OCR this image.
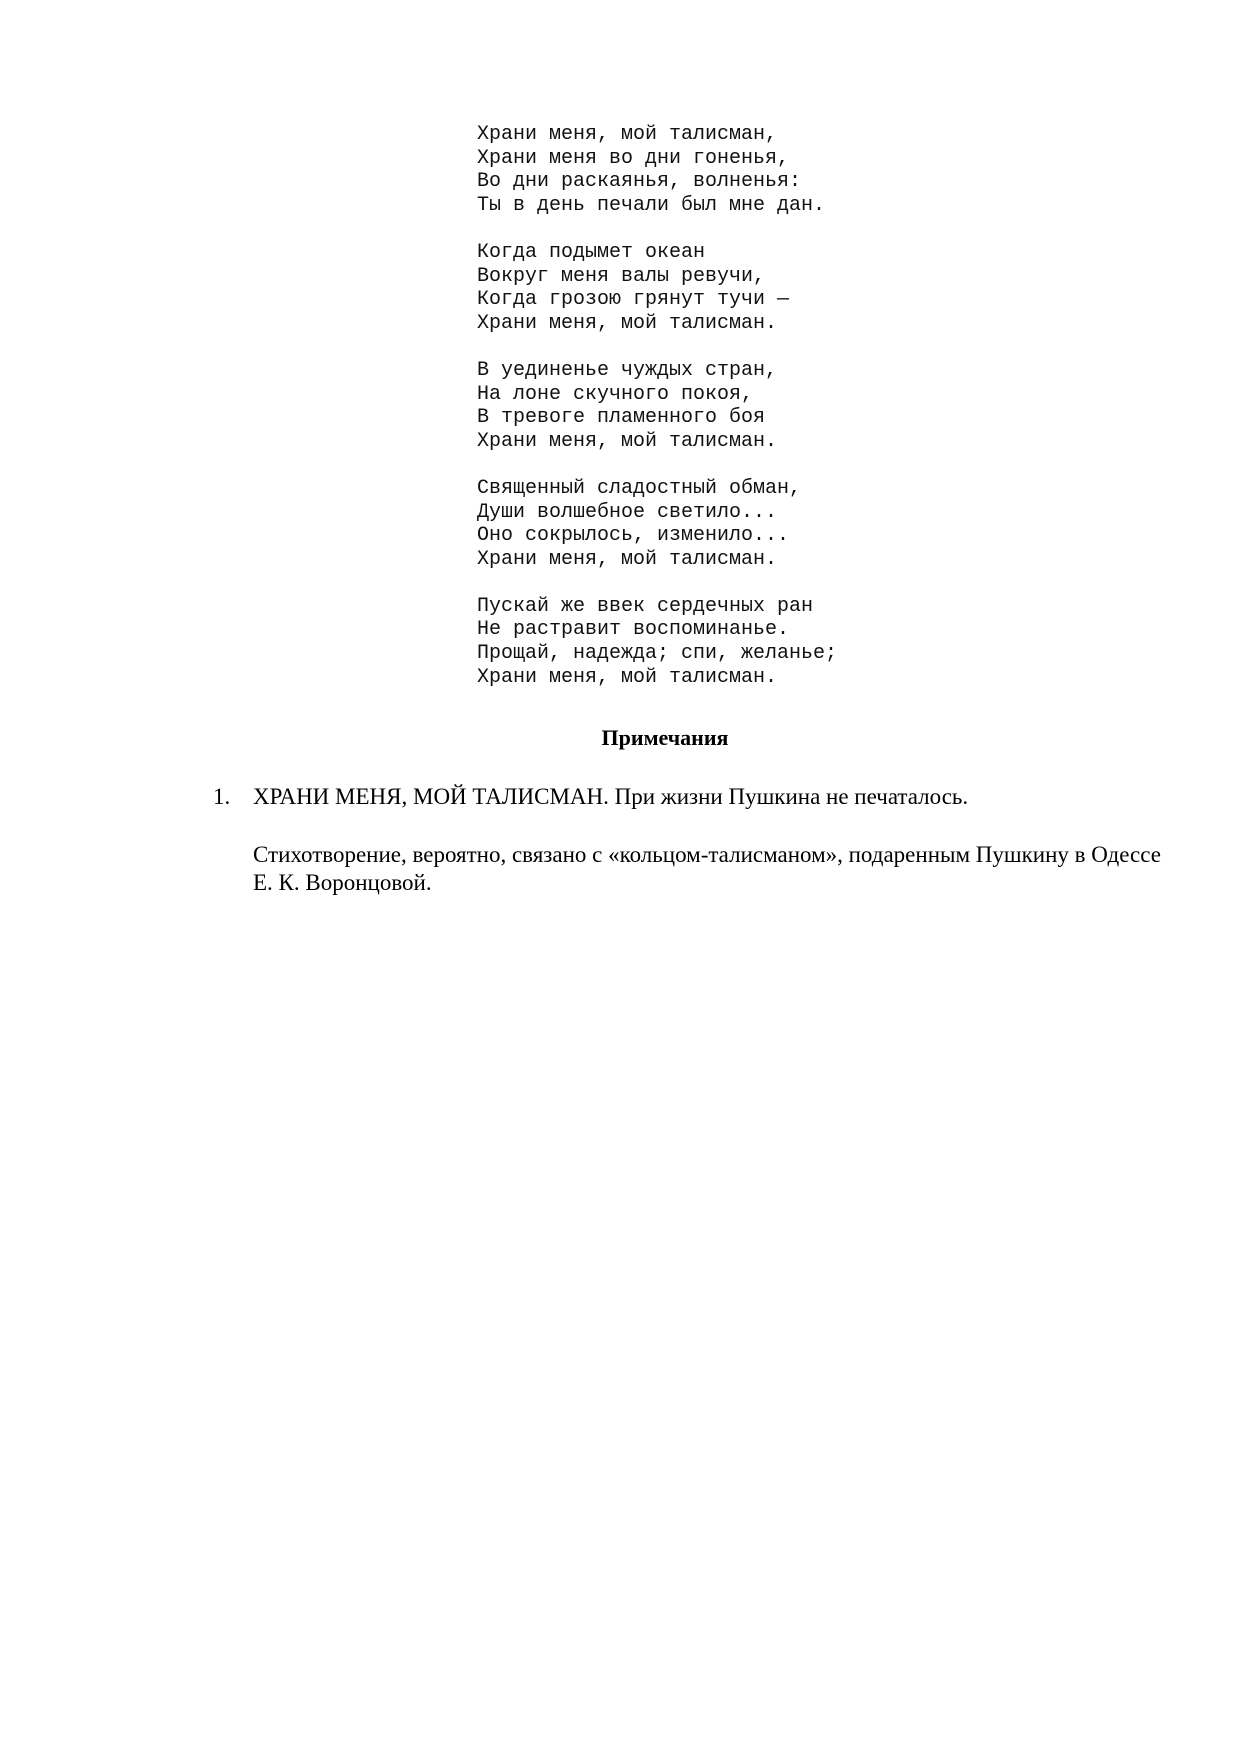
Храни меня, мой талисман,
Храни меня во дни гоненья,
Во дни раскаянья, волненья:
Ты в день печали был мне дан.
Когда подымет океан
Вокруг меня валы ревучи,
Когда грозою грянут тучи —
Храни меня, мой талисман.
В уединенье чуждых стран,
На лоне скучного покоя,
В тревоге пламенного боя
Храни меня, мой талисман.
Священный сладостный обман,
Души волшебное светило...
Оно сокрылось, изменило...
Храни меня, мой талисман.
Пускай же ввек сердечных ран
Не растравит воспоминанье.
Прощай, надежда; спи, желанье;
Храни меня, мой талисман.
Примечания
1. ХРАНИ МЕНЯ, МОЙ ТАЛИСМАН. При жизни Пушкина не печаталось.
Стихотворение, вероятно, связано с «кольцом-талисманом», подаренным Пушкину в Одессе Е. К. Воронцовой.
